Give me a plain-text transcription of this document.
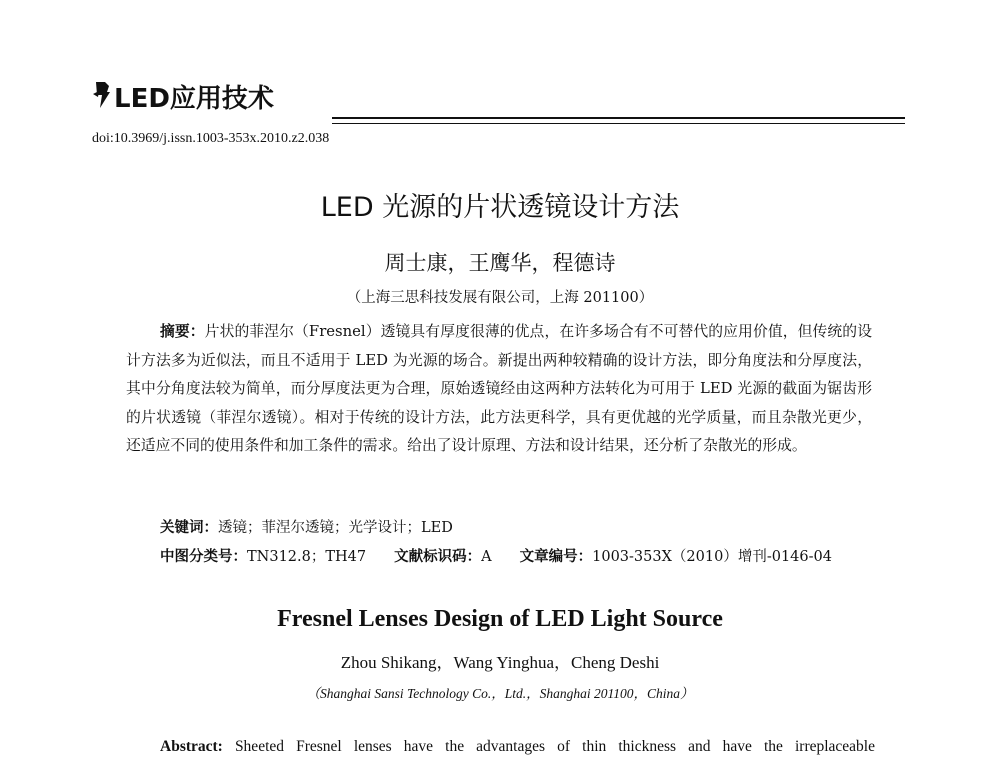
LED应用技术
doi:10.3969/j.issn.1003-353x.2010.z2.038
LED 光源的片状透镜设计方法
周士康，王鹰华，程德诗
（上海三思科技发展有限公司，上海 201100）

摘要：片状的菲涅尔（Fresnel）透镜具有厚度很薄的优点，在许多场合有不可替代的应用价值，但传统的设计方法多为近似法，而且不适用于 LED 为光源的场合。新提出两种较精确的设计方法，即分角度法和分厚度法，其中分角度法较为简单，而分厚度法更为合理，原始透镜经由这两种方法转化为可用于 LED 光源的截面为锯齿形的片状透镜（菲涅尔透镜）。相对于传统的设计方法，此方法更科学，具有更优越的光学质量，而且杂散光更少，还适应不同的使用条件和加工条件的需求。给出了设计原理、方法和设计结果，还分析了杂散光的形成。

关键词：透镜；菲涅尔透镜；光学设计；LED
中图分类号：TN312.8；TH47 文献标识码：A 文章编号：1003-353X（2010）增刊-0146-04
Fresnel Lenses Design of LED Light Source
Zhou Shikang，Wang Yinghua，Cheng Deshi
（Shanghai Sansi Technology Co.，Ltd.，Shanghai 201100，China）

Abstract: Sheeted Fresnel lenses have the advantages of thin thickness and have the irreplaceable
